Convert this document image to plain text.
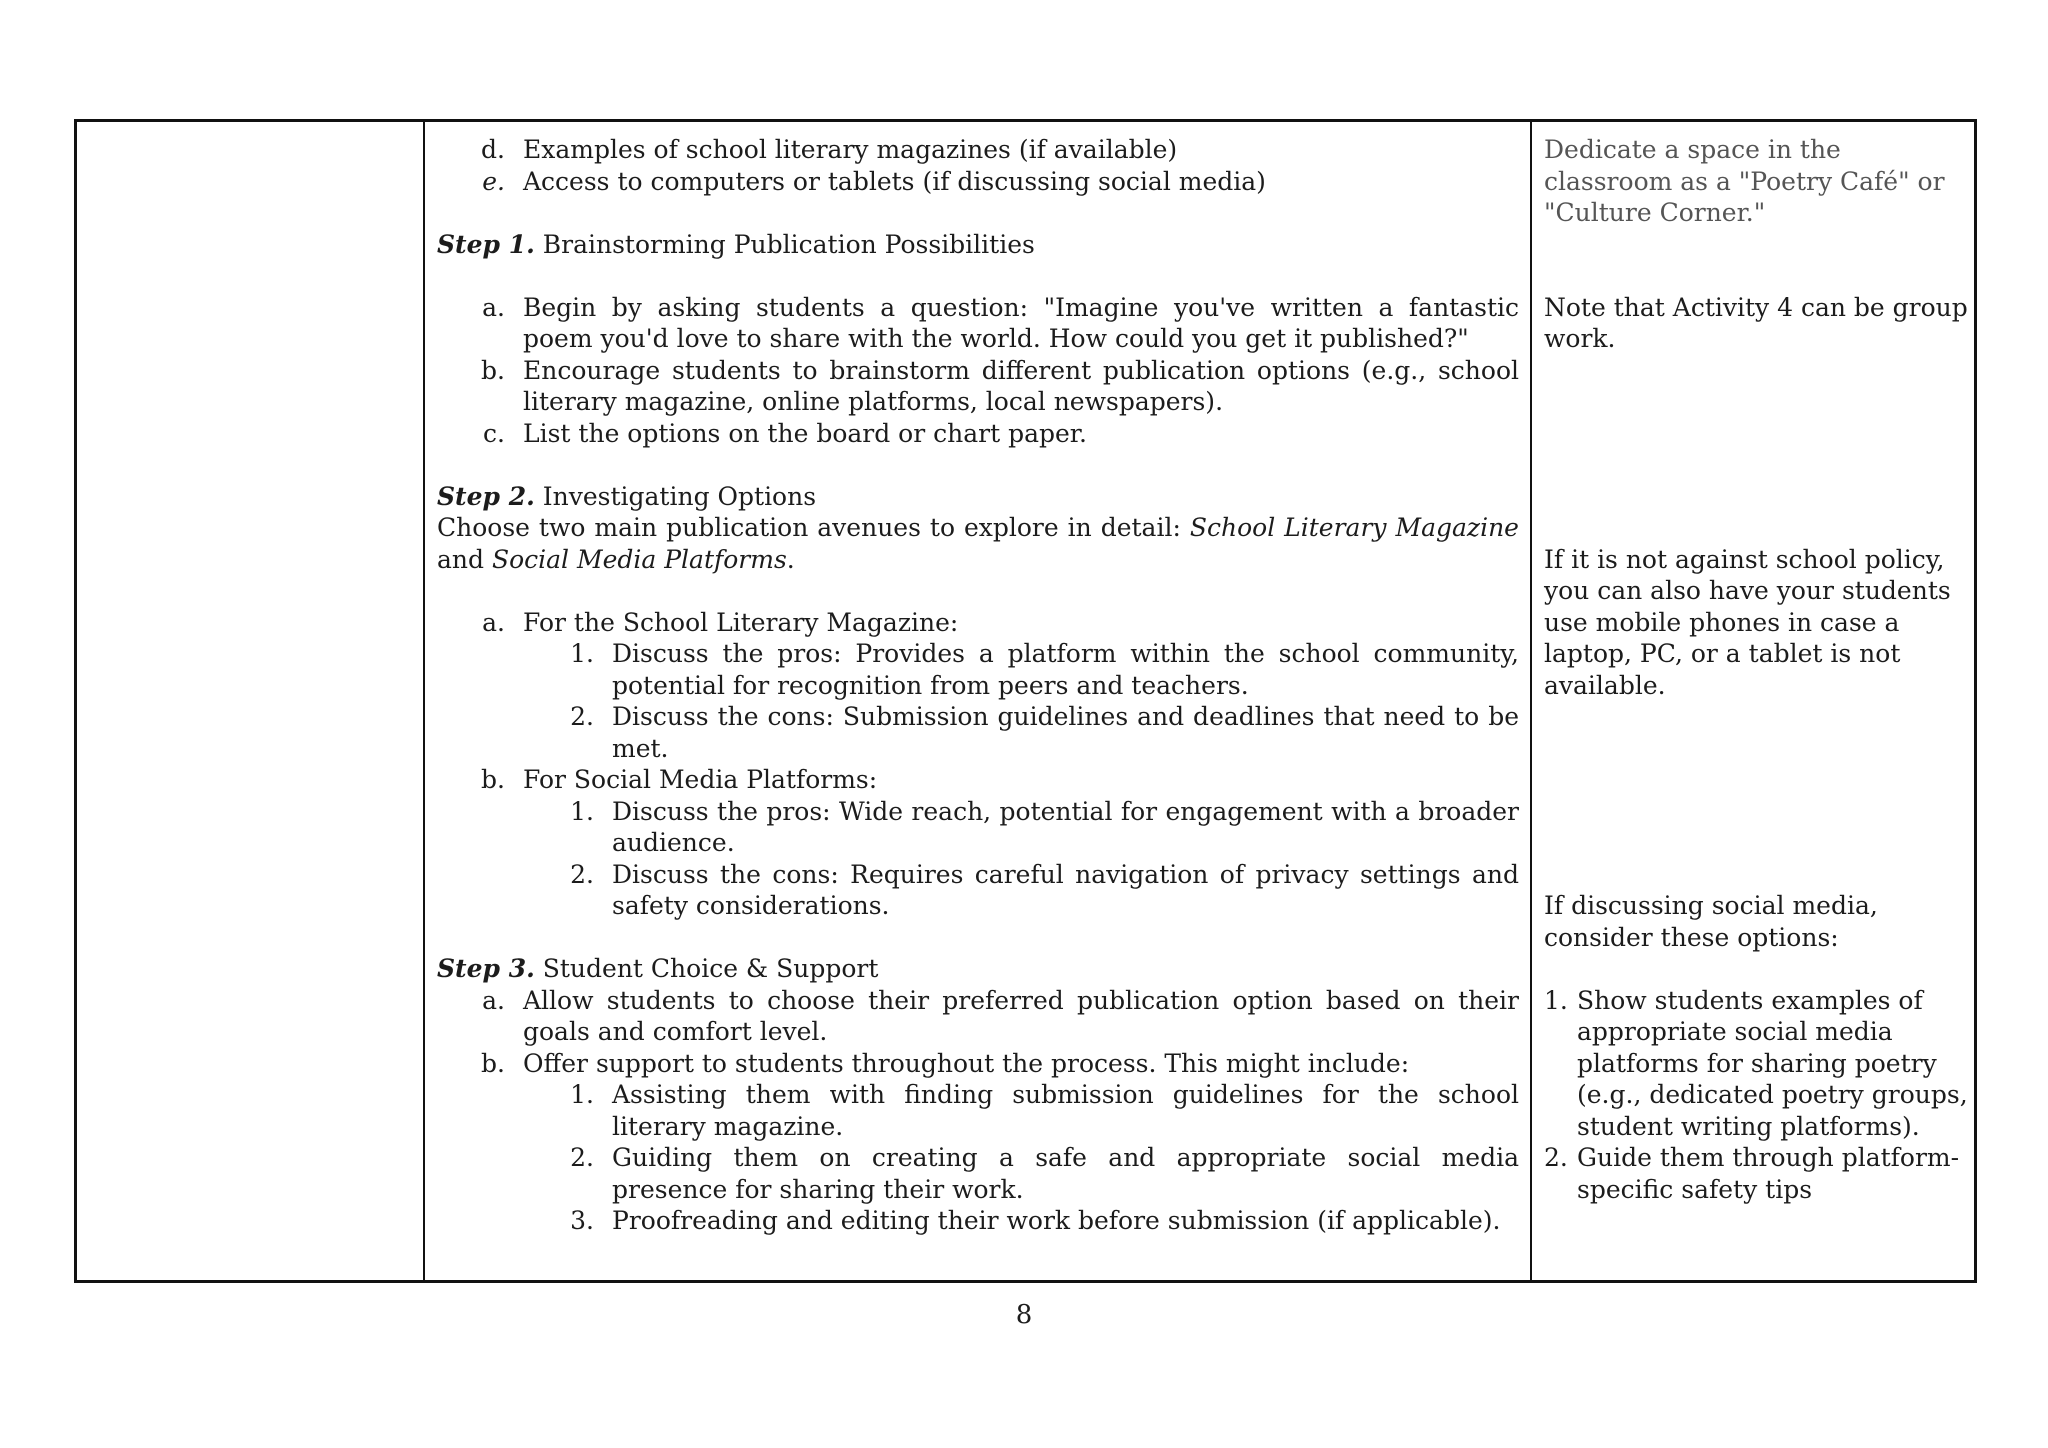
d. Examples of school literary magazines (if available)
e. Access to computers or tablets (if discussing social media)

Step 1. Brainstorming Publication Possibilities

a. Begin by asking students a question: "Imagine you've written a fantastic poem you'd love to share with the world. How could you get it published?"
b. Encourage students to brainstorm different publication options (e.g., school literary magazine, online platforms, local newspapers).
c. List the options on the board or chart paper.

Step 2. Investigating Options

Choose two main publication avenues to explore in detail: School Literary Magazine and Social Media Platforms.

a. For the School Literary Magazine:
1. Discuss the pros: Provides a platform within the school community, potential for recognition from peers and teachers.
2. Discuss the cons: Submission guidelines and deadlines that need to be met.
b. For Social Media Platforms:
1. Discuss the pros: Wide reach, potential for engagement with a broader audience.
2. Discuss the cons: Requires careful navigation of privacy settings and safety considerations.

Step 3. Student Choice & Support

a. Allow students to choose their preferred publication option based on their goals and comfort level.
b. Offer support to students throughout the process. This might include:
1. Assisting them with finding submission guidelines for the school literary magazine.
2. Guiding them on creating a safe and appropriate social media presence for sharing their work.
3. Proofreading and editing their work before submission (if applicable).

Dedicate a space in the classroom as a "Poetry Café" or "Culture Corner."

Note that Activity 4 can be group work.

If it is not against school policy, you can also have your students use mobile phones in case a laptop, PC, or a tablet is not available.

If discussing social media, consider these options:

1. Show students examples of appropriate social media platforms for sharing poetry (e.g., dedicated poetry groups, student writing platforms).
2. Guide them through platform-specific safety tips
8
